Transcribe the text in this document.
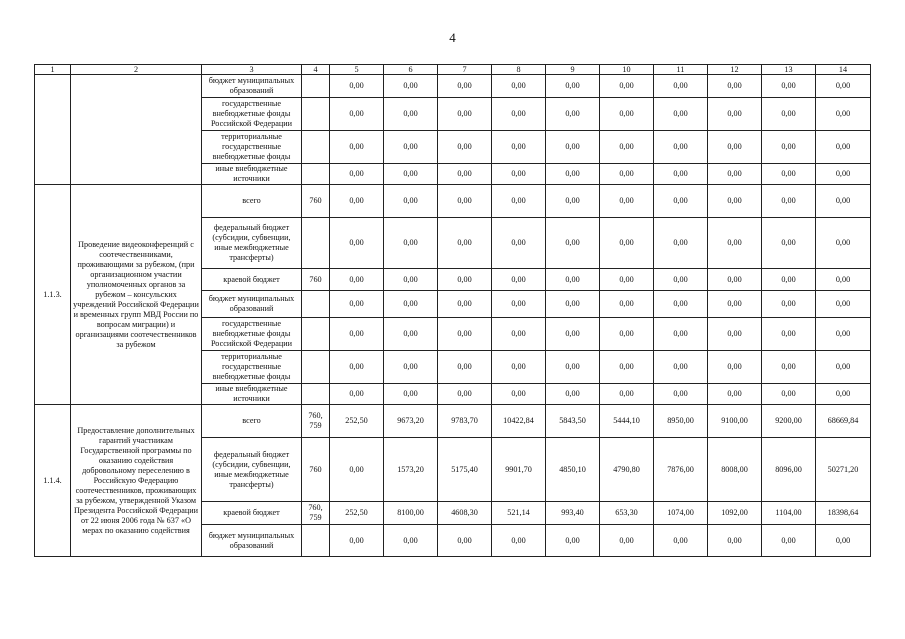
4
1	2	3	4	5	6	7	8	9	10	11	12	13	14
		бюджет муниципальных образований		0,00	0,00	0,00	0,00	0,00	0,00	0,00	0,00	0,00	0,00
		государственные внебюджетные фонды Российской Федерации		0,00	0,00	0,00	0,00	0,00	0,00	0,00	0,00	0,00	0,00
		территориальные государственные внебюджетные фонды		0,00	0,00	0,00	0,00	0,00	0,00	0,00	0,00	0,00	0,00
		иные внебюджетные источники		0,00	0,00	0,00	0,00	0,00	0,00	0,00	0,00	0,00	0,00
1.1.3.	Проведение видеоконференций с соотечественниками, проживающими за рубежом, (при организационном участии уполномоченных органов за рубежом – консульских учреждений Российской Федерации и временных групп МВД России по вопросам миграции) и организациями соотечественников за рубежом	всего	760	0,00	0,00	0,00	0,00	0,00	0,00	0,00	0,00	0,00	0,00
		федеральный бюджет (субсидии, субвенции, иные межбюджетные трансферты)		0,00	0,00	0,00	0,00	0,00	0,00	0,00	0,00	0,00	0,00
		краевой бюджет	760	0,00	0,00	0,00	0,00	0,00	0,00	0,00	0,00	0,00	0,00
		бюджет муниципальных образований		0,00	0,00	0,00	0,00	0,00	0,00	0,00	0,00	0,00	0,00
		государственные внебюджетные фонды Российской Федерации		0,00	0,00	0,00	0,00	0,00	0,00	0,00	0,00	0,00	0,00
		территориальные государственные внебюджетные фонды		0,00	0,00	0,00	0,00	0,00	0,00	0,00	0,00	0,00	0,00
		иные внебюджетные источники		0,00	0,00	0,00	0,00	0,00	0,00	0,00	0,00	0,00	0,00
1.1.4.	Предоставление дополнительных гарантий участникам Государственной программы по оказанию содействия добровольному переселению в Российскую Федерацию соотечественников, проживающих за рубежом, утвержденной Указом Президента Российской Федерации от 22 июня 2006 года № 637 «О мерах по оказанию содействия	всего	760, 759	252,50	9673,20	9783,70	10422,84	5843,50	5444,10	8950,00	9100,00	9200,00	68669,84
		федеральный бюджет (субсидии, субвенции, иные межбюджетные трансферты)	760	0,00	1573,20	5175,40	9901,70	4850,10	4790,80	7876,00	8008,00	8096,00	50271,20
		краевой бюджет	760, 759	252,50	8100,00	4608,30	521,14	993,40	653,30	1074,00	1092,00	1104,00	18398,64
		бюджет муниципальных образований		0,00	0,00	0,00	0,00	0,00	0,00	0,00	0,00	0,00	0,00
